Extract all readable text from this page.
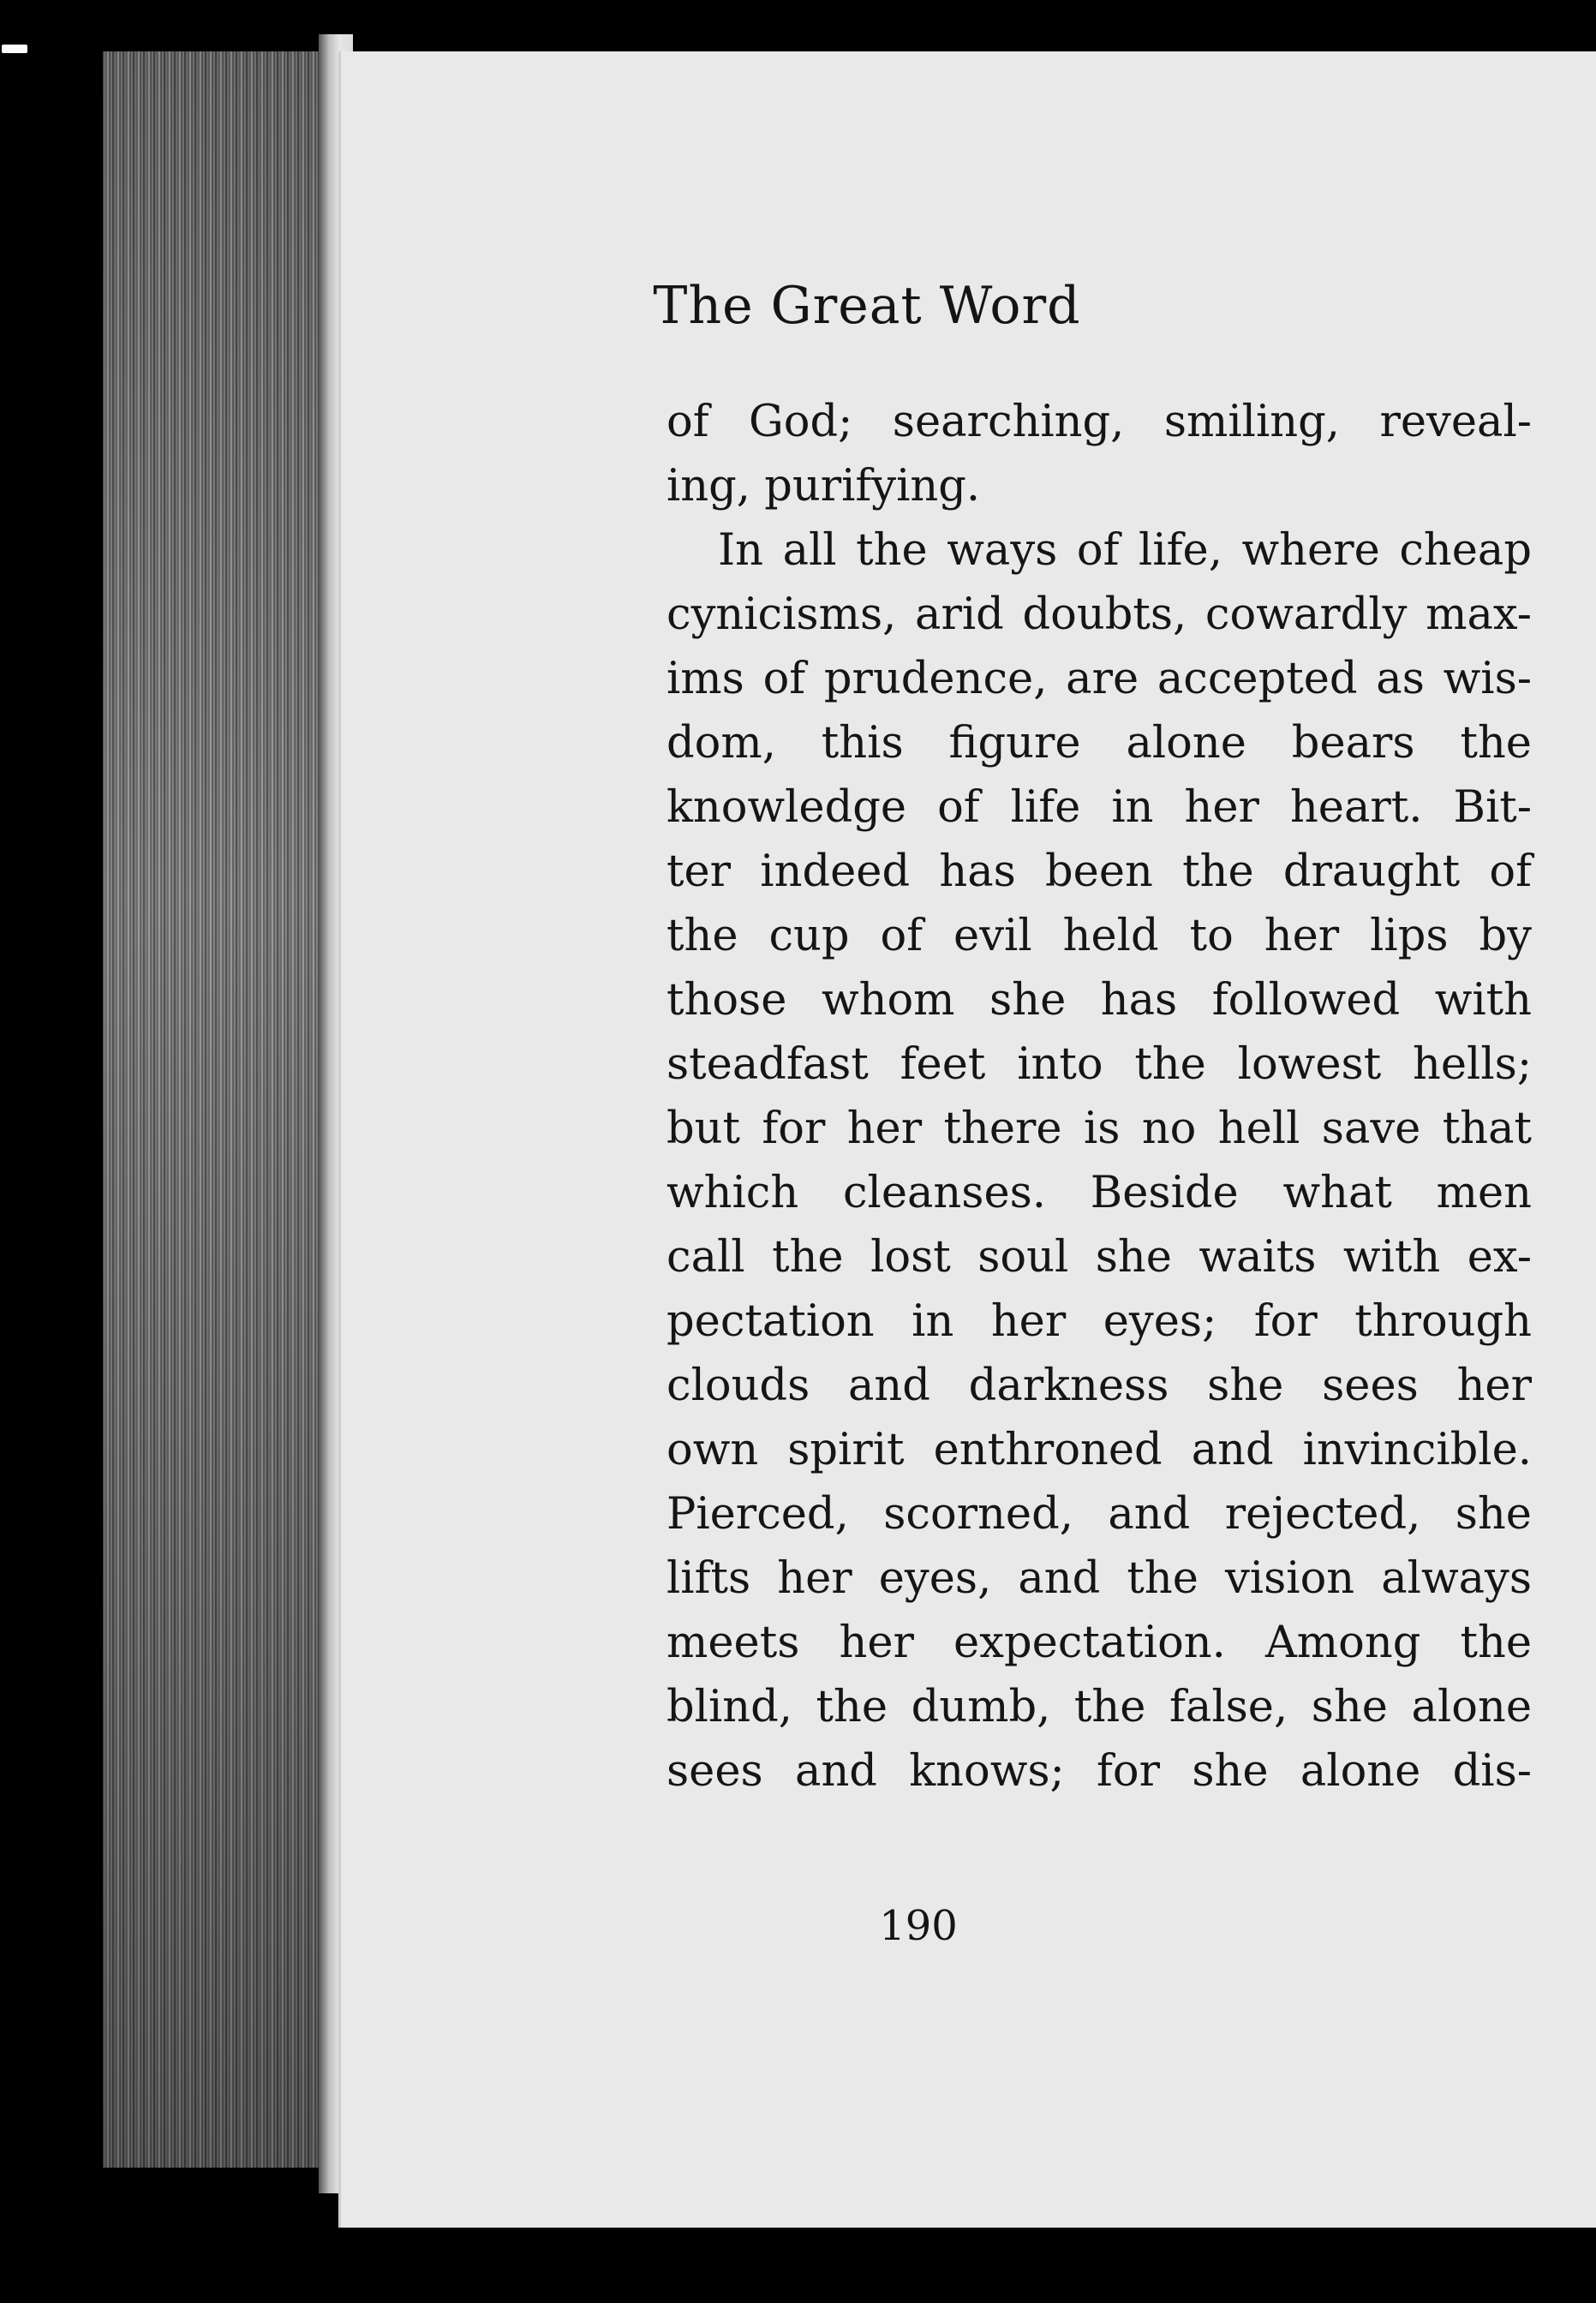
The Great Word
of God; searching, smiling, reveal-
ing, purifying.
In all the ways of life, where cheap
cynicisms, arid doubts, cowardly max-
ims of prudence, are accepted as wis-
dom, this figure alone bears the
knowledge of life in her heart. Bit-
ter indeed has been the draught of
the cup of evil held to her lips by
those whom she has followed with
steadfast feet into the lowest hells;
but for her there is no hell save that
which cleanses. Beside what men
call the lost soul she waits with ex-
pectation in her eyes; for through
clouds and darkness she sees her
own spirit enthroned and invincible.
Pierced, scorned, and rejected, she
lifts her eyes, and the vision always
meets her expectation. Among the
blind, the dumb, the false, she alone
sees and knows; for she alone dis-
190
